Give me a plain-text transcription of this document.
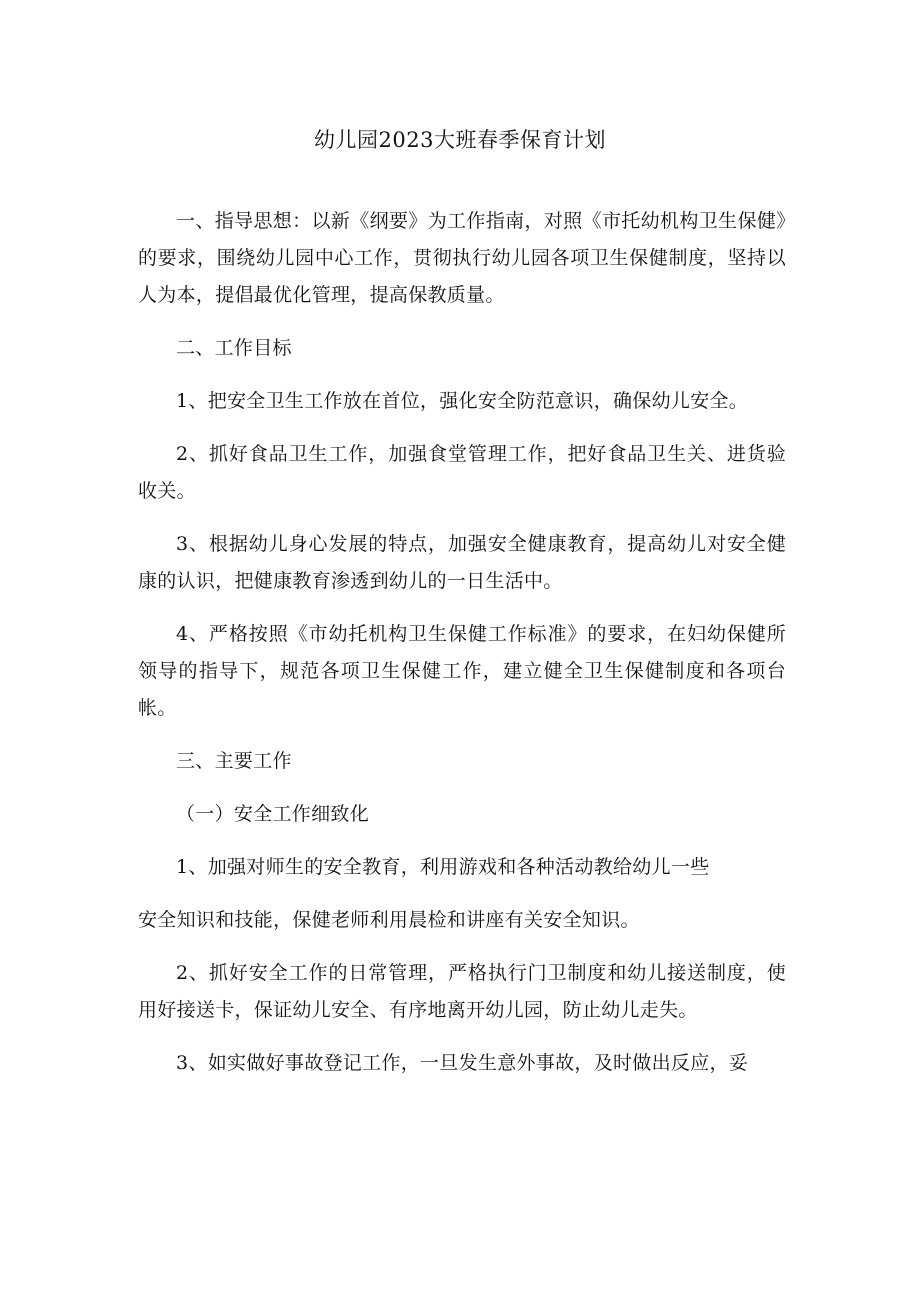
幼儿园2023大班春季保育计划

一、指导思想：以新《纲要》为工作指南，对照《市托幼机构卫生保健》的要求，围绕幼儿园中心工作，贯彻执行幼儿园各项卫生保健制度，坚持以人为本，提倡最优化管理，提高保教质量。

二、工作目标

1、把安全卫生工作放在首位，强化安全防范意识，确保幼儿安全。

2、抓好食品卫生工作，加强食堂管理工作，把好食品卫生关、进货验收关。

3、根据幼儿身心发展的特点，加强安全健康教育，提高幼儿对安全健康的认识，把健康教育渗透到幼儿的一日生活中。

4、严格按照《市幼托机构卫生保健工作标准》的要求，在妇幼保健所领导的指导下，规范各项卫生保健工作，建立健全卫生保健制度和各项台帐。

三、主要工作

（一）安全工作细致化

1、加强对师生的安全教育，利用游戏和各种活动教给幼儿一些

安全知识和技能，保健老师利用晨检和讲座有关安全知识。

2、抓好安全工作的日常管理，严格执行门卫制度和幼儿接送制度，使用好接送卡，保证幼儿安全、有序地离开幼儿园，防止幼儿走失。

3、如实做好事故登记工作，一旦发生意外事故，及时做出反应，妥
